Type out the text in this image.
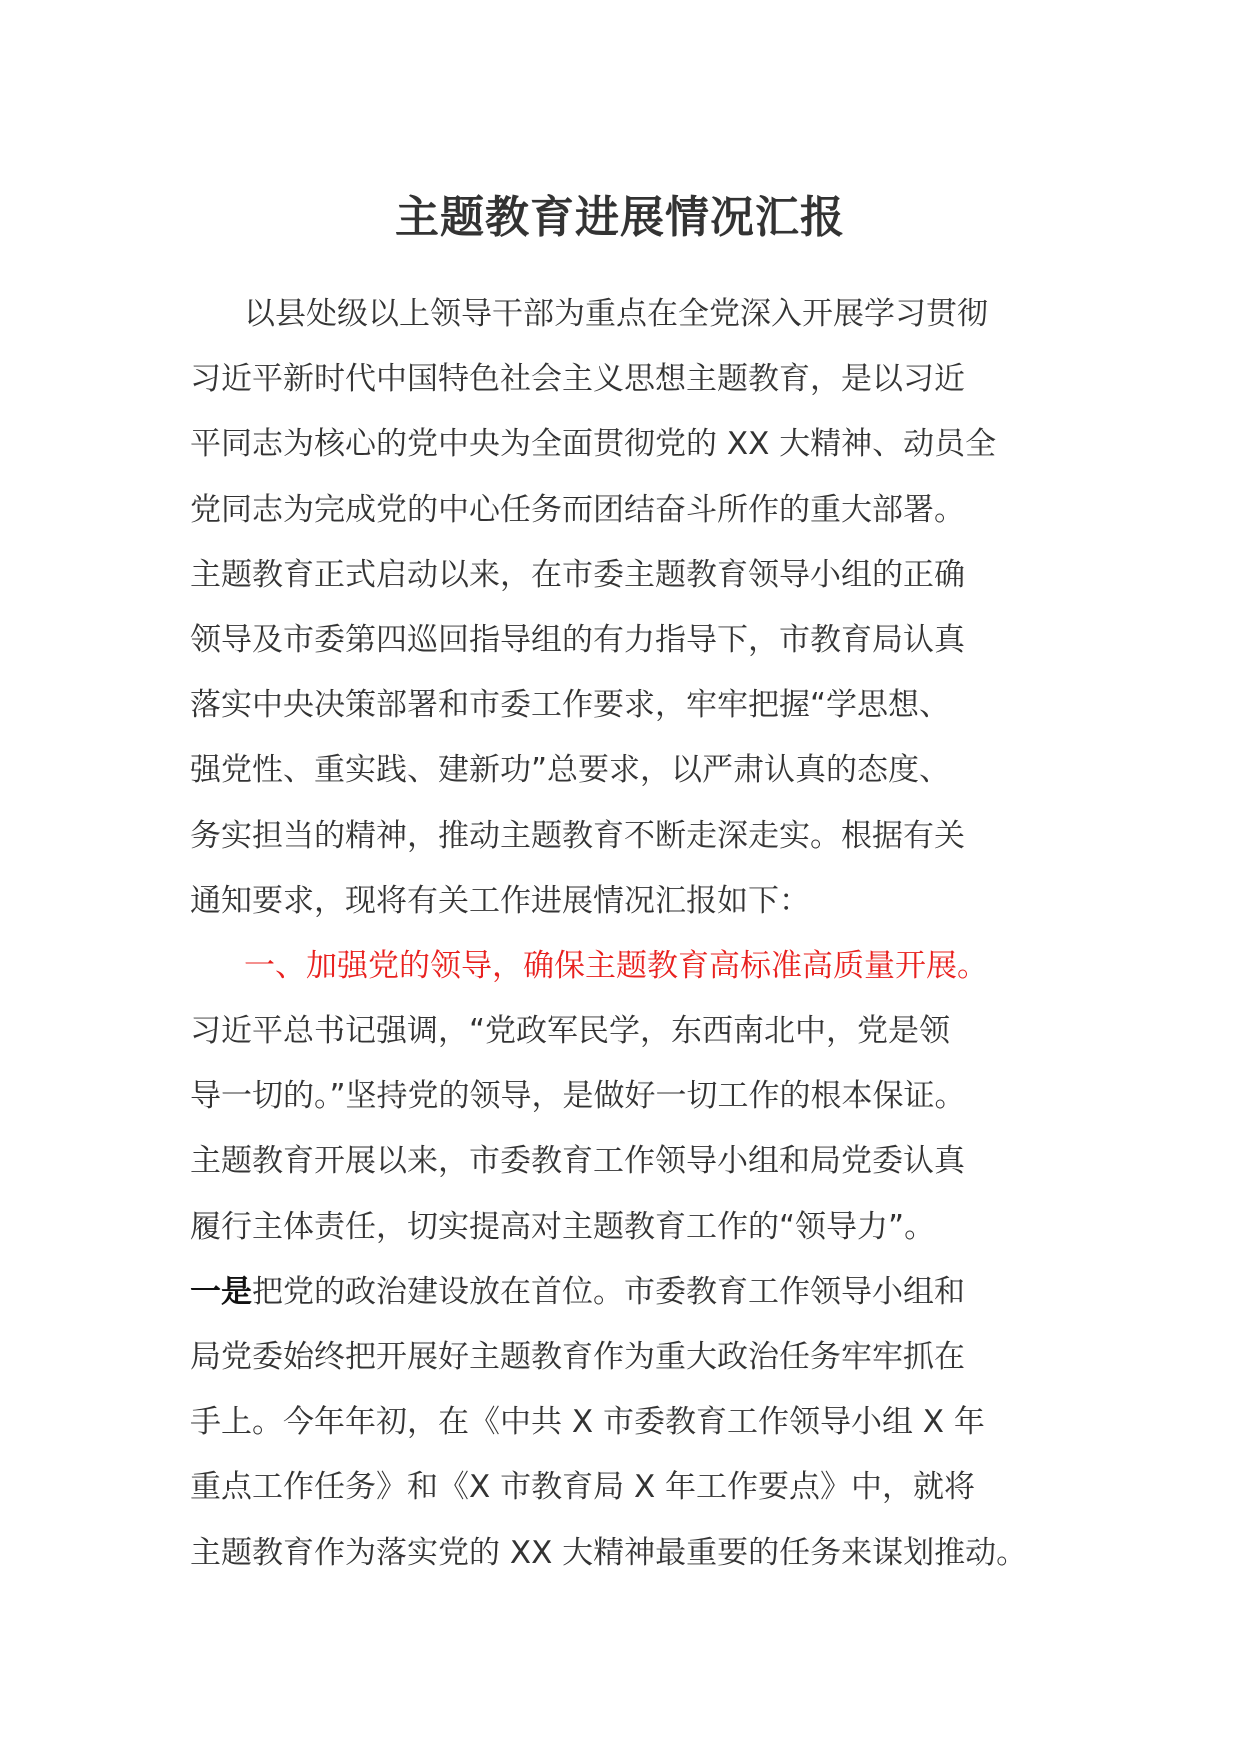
主题教育进展情况汇报
以县处级以上领导干部为重点在全党深入开展学习贯彻
习近平新时代中国特色社会主义思想主题教育，是以习近
平同志为核心的党中央为全面贯彻党的 XX 大精神、动员全
党同志为完成党的中心任务而团结奋斗所作的重大部署。
主题教育正式启动以来，在市委主题教育领导小组的正确
领导及市委第四巡回指导组的有力指导下，市教育局认真
落实中央决策部署和市委工作要求，牢牢把握“学思想、
强党性、重实践、建新功”总要求，以严肃认真的态度、
务实担当的精神，推动主题教育不断走深走实。根据有关
通知要求，现将有关工作进展情况汇报如下：
一、加强党的领导，确保主题教育高标准高质量开展。
习近平总书记强调，“党政军民学，东西南北中，党是领
导一切的。”坚持党的领导，是做好一切工作的根本保证。
主题教育开展以来，市委教育工作领导小组和局党委认真
履行主体责任，切实提高对主题教育工作的“领导力”。
一是把党的政治建设放在首位。市委教育工作领导小组和
局党委始终把开展好主题教育作为重大政治任务牢牢抓在
手上。今年年初，在《中共 X 市委教育工作领导小组 X 年
重点工作任务》和《X 市教育局 X 年工作要点》中，就将
主题教育作为落实党的 XX 大精神最重要的任务来谋划推动。
